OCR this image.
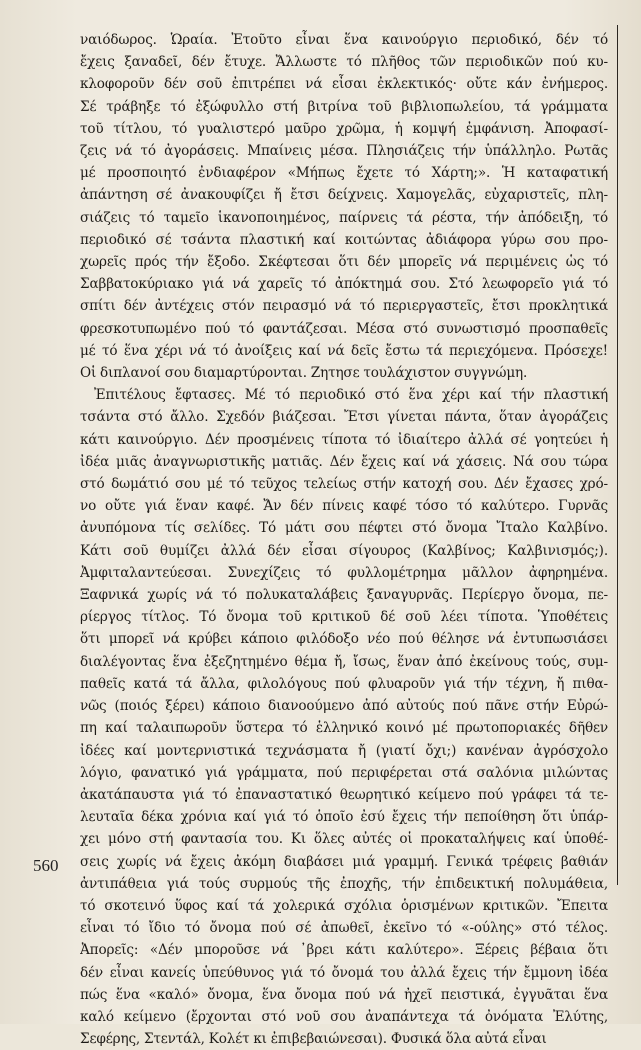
ναιόδωρος. Ὡραία. Ἐτοῦτο εἶναι ἕνα καινούργιο περιοδικό, δέν τό
ἔχεις ξαναδεῖ, δέν ἔτυχε. Ἄλλωστε τό πλῆθος τῶν περιοδικῶν πού κυ-
κλοφοροῦν δέν σοῦ ἐπιτρέπει νά εἶσαι ἐκλεκτικός· οὔτε κάν ἐνήμερος.
Σέ τράβηξε τό ἐξώφυλλο στή βιτρίνα τοῦ βιβλιοπωλείου, τά γράμματα
τοῦ τίτλου, τό γυαλιστερό μαῦρο χρῶμα, ἡ κομψή ἐμφάνιση. Ἀποφασί-
ζεις νά τό ἀγοράσεις. Μπαίνεις μέσα. Πλησιάζεις τήν ὑπάλληλο. Ρωτᾶς
μέ προσποιητό ἐνδιαφέρον «Μήπως ἔχετε τό Χάρτη;». Ἡ καταφατική
ἀπάντηση σέ ἀνακουφίζει ἤ ἔτσι δείχνεις. Χαμογελᾶς, εὐχαριστεῖς, πλη-
σιάζεις τό ταμεῖο ἱκανοποιημένος, παίρνεις τά ρέστα, τήν ἀπόδειξη, τό
περιοδικό σέ τσάντα πλαστική καί κοιτώντας ἀδιάφορα γύρω σου προ-
χωρεῖς πρός τήν ἔξοδο. Σκέφτεσαι ὅτι δέν μπορεῖς νά περιμένεις ὡς τό
Σαββατοκύριακο γιά νά χαρεῖς τό ἀπόκτημά σου. Στό λεωφορεῖο γιά τό
σπίτι δέν ἀντέχεις στόν πειρασμό νά τό περιεργαστεῖς, ἔτσι προκλητικά
φρεσκοτυπωμένο πού τό φαντάζεσαι. Μέσα στό συνωστισμό προσπαθεῖς
μέ τό ἕνα χέρι νά τό ἀνοίξεις καί νά δεῖς ἔστω τά περιεχόμενα. Πρόσεχε!
Οἱ διπλανοί σου διαμαρτύρονται. Ζητησε τουλάχιστον συγγνώμη.

Ἐπιτέλους ἔφτασες. Μέ τό περιοδικό στό ἕνα χέρι καί τήν πλαστική
τσάντα στό ἄλλο. Σχεδόν βιάζεσαι. Ἔτσι γίνεται πάντα, ὅταν ἀγοράζεις
κάτι καινούργιο. Δέν προσμένεις τίποτα τό ἰδιαίτερο ἀλλά σέ γοητεύει ἡ
ἰδέα μιᾶς ἀναγνωριστικῆς ματιᾶς. Δέν ἔχεις καί νά χάσεις. Νά σου τώρα
στό δωμάτιό σου μέ τό τεῦχος τελείως στήν κατοχή σου. Δέν ἔχασες χρό-
νο οὔτε γιά ἕναν καφέ. Ἄν δέν πίνεις καφέ τόσο τό καλύτερο. Γυρνᾶς
ἀνυπόμονα τίς σελίδες. Τό μάτι σου πέφτει στό ὄνομα Ἴταλο Καλβίνο.
Κάτι σοῦ θυμίζει ἀλλά δέν εἶσαι σίγουρος (Καλβίνος; Καλβινισμός;).
Ἀμφιταλαντεύεσαι. Συνεχίζεις τό φυλλομέτρημα μᾶλλον ἀφηρημένα.
Ξαφνικά χωρίς νά τό πολυκαταλάβεις ξαναγυρνᾶς. Περίεργο ὄνομα, πε-
ρίεργος τίτλος. Τό ὄνομα τοῦ κριτικοῦ δέ σοῦ λέει τίποτα. Ὑποθέτεις
ὅτι μπορεῖ νά κρύβει κάποιο φιλόδοξο νέο πού θέλησε νά ἐντυπωσιάσει
διαλέγοντας ἕνα ἐξεζητημένο θέμα ἤ, ἴσως, ἕναν ἀπό ἐκείνους τούς, συμ-
παθεῖς κατά τά ἄλλα, φιλολόγους πού φλυαροῦν γιά τήν τέχνη, ἤ πιθα-
νῶς (ποιός ξέρει) κάποιο διανοούμενο ἀπό αὐτούς πού πᾶνε στήν Εὐρώ-
πη καί ταλαιπωροῦν ὕστερα τό ἑλληνικό κοινό μέ πρωτοποριακές δῆθεν
ἰδέες καί μοντερνιστικά τεχνάσματα ἤ (γιατί ὄχι;) κανέναν ἀγρόσχολο
λόγιο, φανατικό γιά γράμματα, πού περιφέρεται στά σαλόνια μιλώντας
ἀκατάπαυστα γιά τό ἐπαναστατικό θεωρητικό κείμενο πού γράφει τά τε-
λευταῖα δέκα χρόνια καί γιά τό ὁποῖο ἐσύ ἔχεις τήν πεποίθηση ὅτι ὑπάρ-
χει μόνο στή φαντασία του. Κι ὅλες αὐτές οἱ προκαταλήψεις καί ὑποθέ-
σεις χωρίς νά ἔχεις ἀκόμη διαβάσει μιά γραμμή. Γενικά τρέφεις βαθιάν
ἀντιπάθεια γιά τούς συρμούς τῆς ἐποχῆς, τήν ἐπιδεικτική πολυμάθεια,
τό σκοτεινό ὕφος καί τά χολερικά σχόλια ὁρισμένων κριτικῶν. Ἔπειτα
εἶναι τό ἴδιο τό ὄνομα πού σέ ἀπωθεῖ, ἐκεῖνο τό «-ούλης» στό τέλος.
Ἀπορεῖς: «Δέν μποροῦσε νά ᾽βρει κάτι καλύτερο». Ξέρεις βέβαια ὅτι
δέν εἶναι κανείς ὑπεύθυνος γιά τό ὄνομά του ἀλλά ἔχεις τήν ἔμμονη ἰδέα
πώς ἕνα «καλό» ὄνομα, ἕνα ὄνομα πού νά ἠχεῖ πειστικά, ἐγγυᾶται ἕνα
καλό κείμενο (ἔρχονται στό νοῦ σου ἀναπάντεχα τά ὀνόματα Ἐλύτης,
Σεφέρης, Στεντάλ, Κολέτ κι ἐπιβεβαιώνεσαι). Φυσικά ὅλα αὐτά εἶναι

560
